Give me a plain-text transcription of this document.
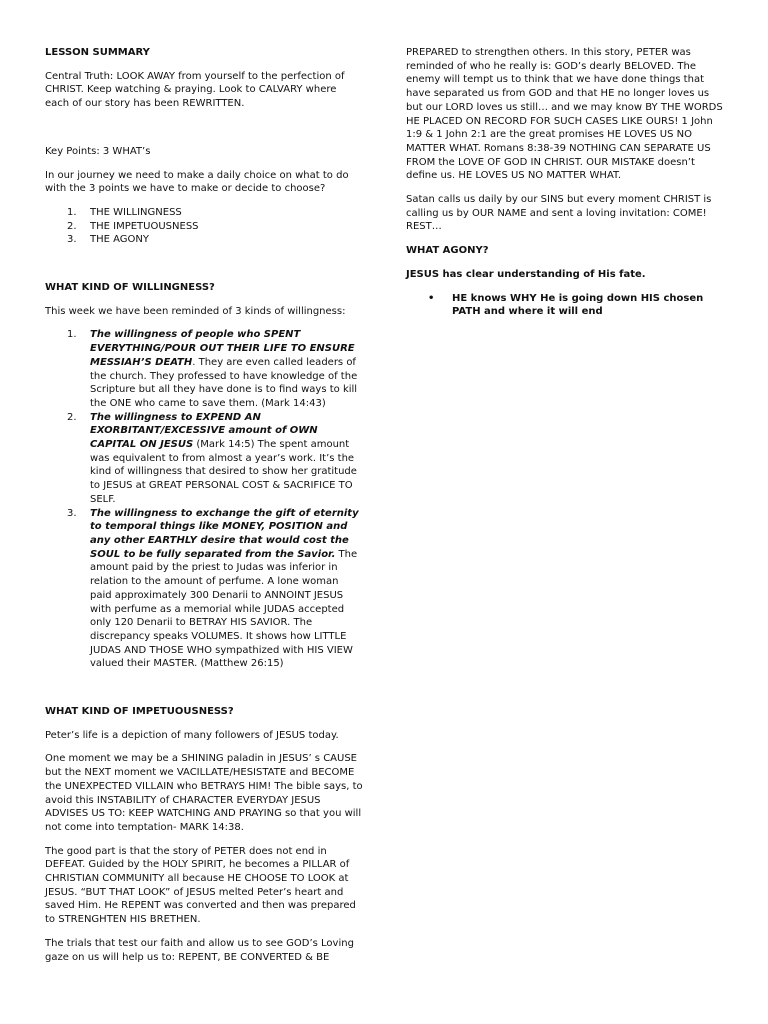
LESSON SUMMARY

Central Truth: LOOK AWAY from yourself to the perfection of CHRIST. Keep watching & praying. Look to CALVARY where each of our story has been REWRITTEN.

Key Points: 3 WHAT’s

In our journey we need to make a daily choice on what to do with the 3 points we have to make or decide to choose?

1. THE WILLINGNESS
2. THE IMPETUOUSNESS
3. THE AGONY

WHAT KIND OF WILLINGNESS?

This week we have been reminded of 3 kinds of willingness:

1. The willingness of people who SPENT EVERYTHING/POUR OUT THEIR LIFE TO ENSURE MESSIAH’S DEATH. They are even called leaders of the church. They professed to have knowledge of the Scripture but all they have done is to find ways to kill the ONE who came to save them. (Mark 14:43)
2. The willingness to EXPEND AN EXORBITANT/EXCESSIVE amount of OWN CAPITAL ON JESUS (Mark 14:5) The spent amount was equivalent to from almost a year’s work. It’s the kind of willingness that desired to show her gratitude to JESUS at GREAT PERSONAL COST & SACRIFICE TO SELF.
3. The willingness to exchange the gift of eternity to temporal things like MONEY, POSITION and any other EARTHLY desire that would cost the SOUL to be fully separated from the Savior. The amount paid by the priest to Judas was inferior in relation to the amount of perfume. A lone woman paid approximately 300 Denarii to ANNOINT JESUS with perfume as a memorial while JUDAS accepted only 120 Denarii to BETRAY HIS SAVIOR. The discrepancy speaks VOLUMES. It shows how LITTLE JUDAS AND THOSE WHO sympathized with HIS VIEW valued their MASTER. (Matthew 26:15)

WHAT KIND OF IMPETUOUSNESS?

Peter’s life is a depiction of many followers of JESUS today.

One moment we may be a SHINING paladin in JESUS’ s CAUSE but the NEXT moment we VACILLATE/HESISTATE and BECOME the UNEXPECTED VILLAIN who BETRAYS HIM! The bible says, to avoid this INSTABILITY of CHARACTER EVERYDAY JESUS ADVISES US TO: KEEP WATCHING AND PRAYING so that you will not come into temptation- MARK 14:38.

The good part is that the story of PETER does not end in DEFEAT. Guided by the HOLY SPIRIT, he becomes a PILLAR of CHRISTIAN COMMUNITY all because HE CHOOSE TO LOOK at JESUS. “BUT THAT LOOK” of JESUS melted Peter’s heart and saved Him. He REPENT was converted and then was prepared to STRENGHTEN HIS BRETHEN.

The trials that test our faith and allow us to see GOD’s Loving gaze on us will help us to: REPENT, BE CONVERTED & BE

PREPARED to strengthen others. In this story, PETER was reminded of who he really is: GOD’s dearly BELOVED. The enemy will tempt us to think that we have done things that have separated us from GOD and that HE no longer loves us but our LORD loves us still… and we may know BY THE WORDS HE PLACED ON RECORD FOR SUCH CASES LIKE OURS! 1 John 1:9 & 1 John 2:1 are the great promises HE LOVES US NO MATTER WHAT. Romans 8:38-39 NOTHING CAN SEPARATE US FROM the LOVE OF GOD IN CHRIST. OUR MISTAKE doesn’t define us. HE LOVES US NO MATTER WHAT.

Satan calls us daily by our SINS but every moment CHRIST is calling us by OUR NAME and sent a loving invitation: COME! REST…

WHAT AGONY?

JESUS has clear understanding of His fate.

• HE knows WHY He is going down HIS chosen PATH and where it will end
